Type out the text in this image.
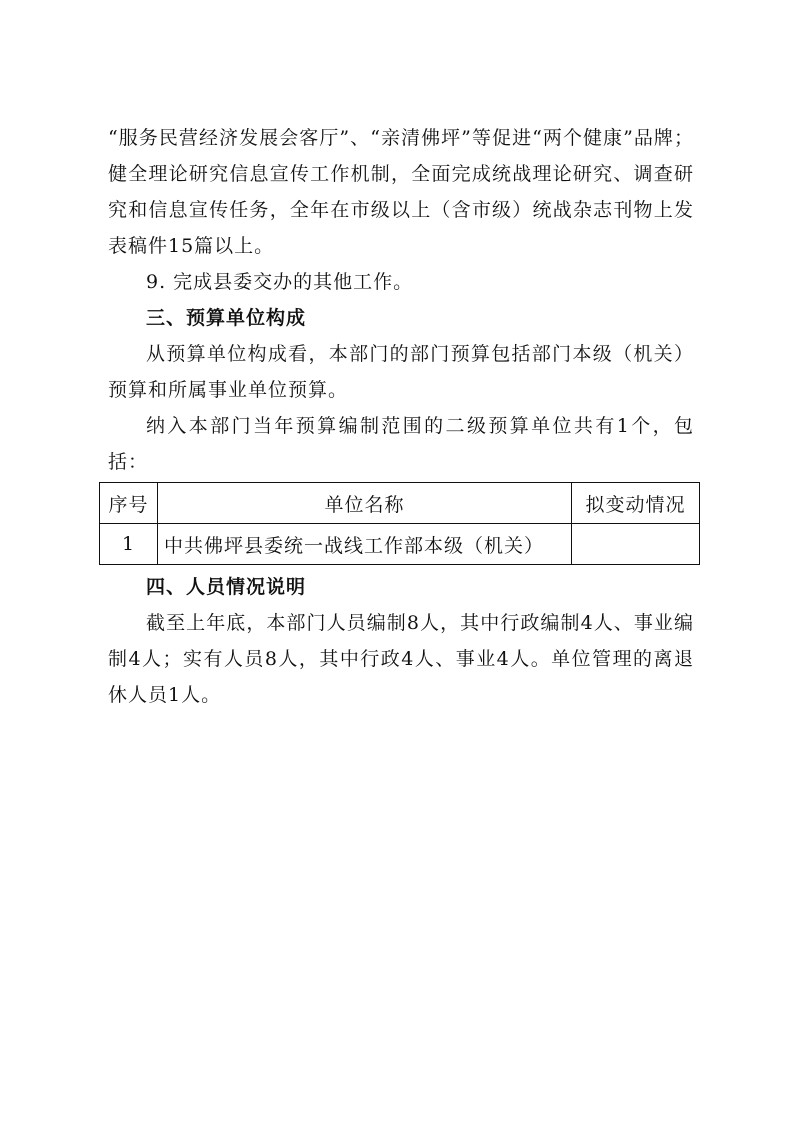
“服务民营经济发展会客厅”、“亲清佛坪”等促进“两个健康”品牌；健全理论研究信息宣传工作机制，全面完成统战理论研究、调查研究和信息宣传任务，全年在市级以上（含市级）统战杂志刊物上发表稿件15篇以上。

9. 完成县委交办的其他工作。

三、预算单位构成

从预算单位构成看，本部门的部门预算包括部门本级（机关）预算和所属事业单位预算。

纳入本部门当年预算编制范围的二级预算单位共有1个，包括：

序号	单位名称	拟变动情况
1	中共佛坪县委统一战线工作部本级（机关）	

四、人员情况说明

截至上年底，本部门人员编制8人，其中行政编制4人、事业编制4人；实有人员8人，其中行政4人、事业4人。单位管理的离退休人员1人。
